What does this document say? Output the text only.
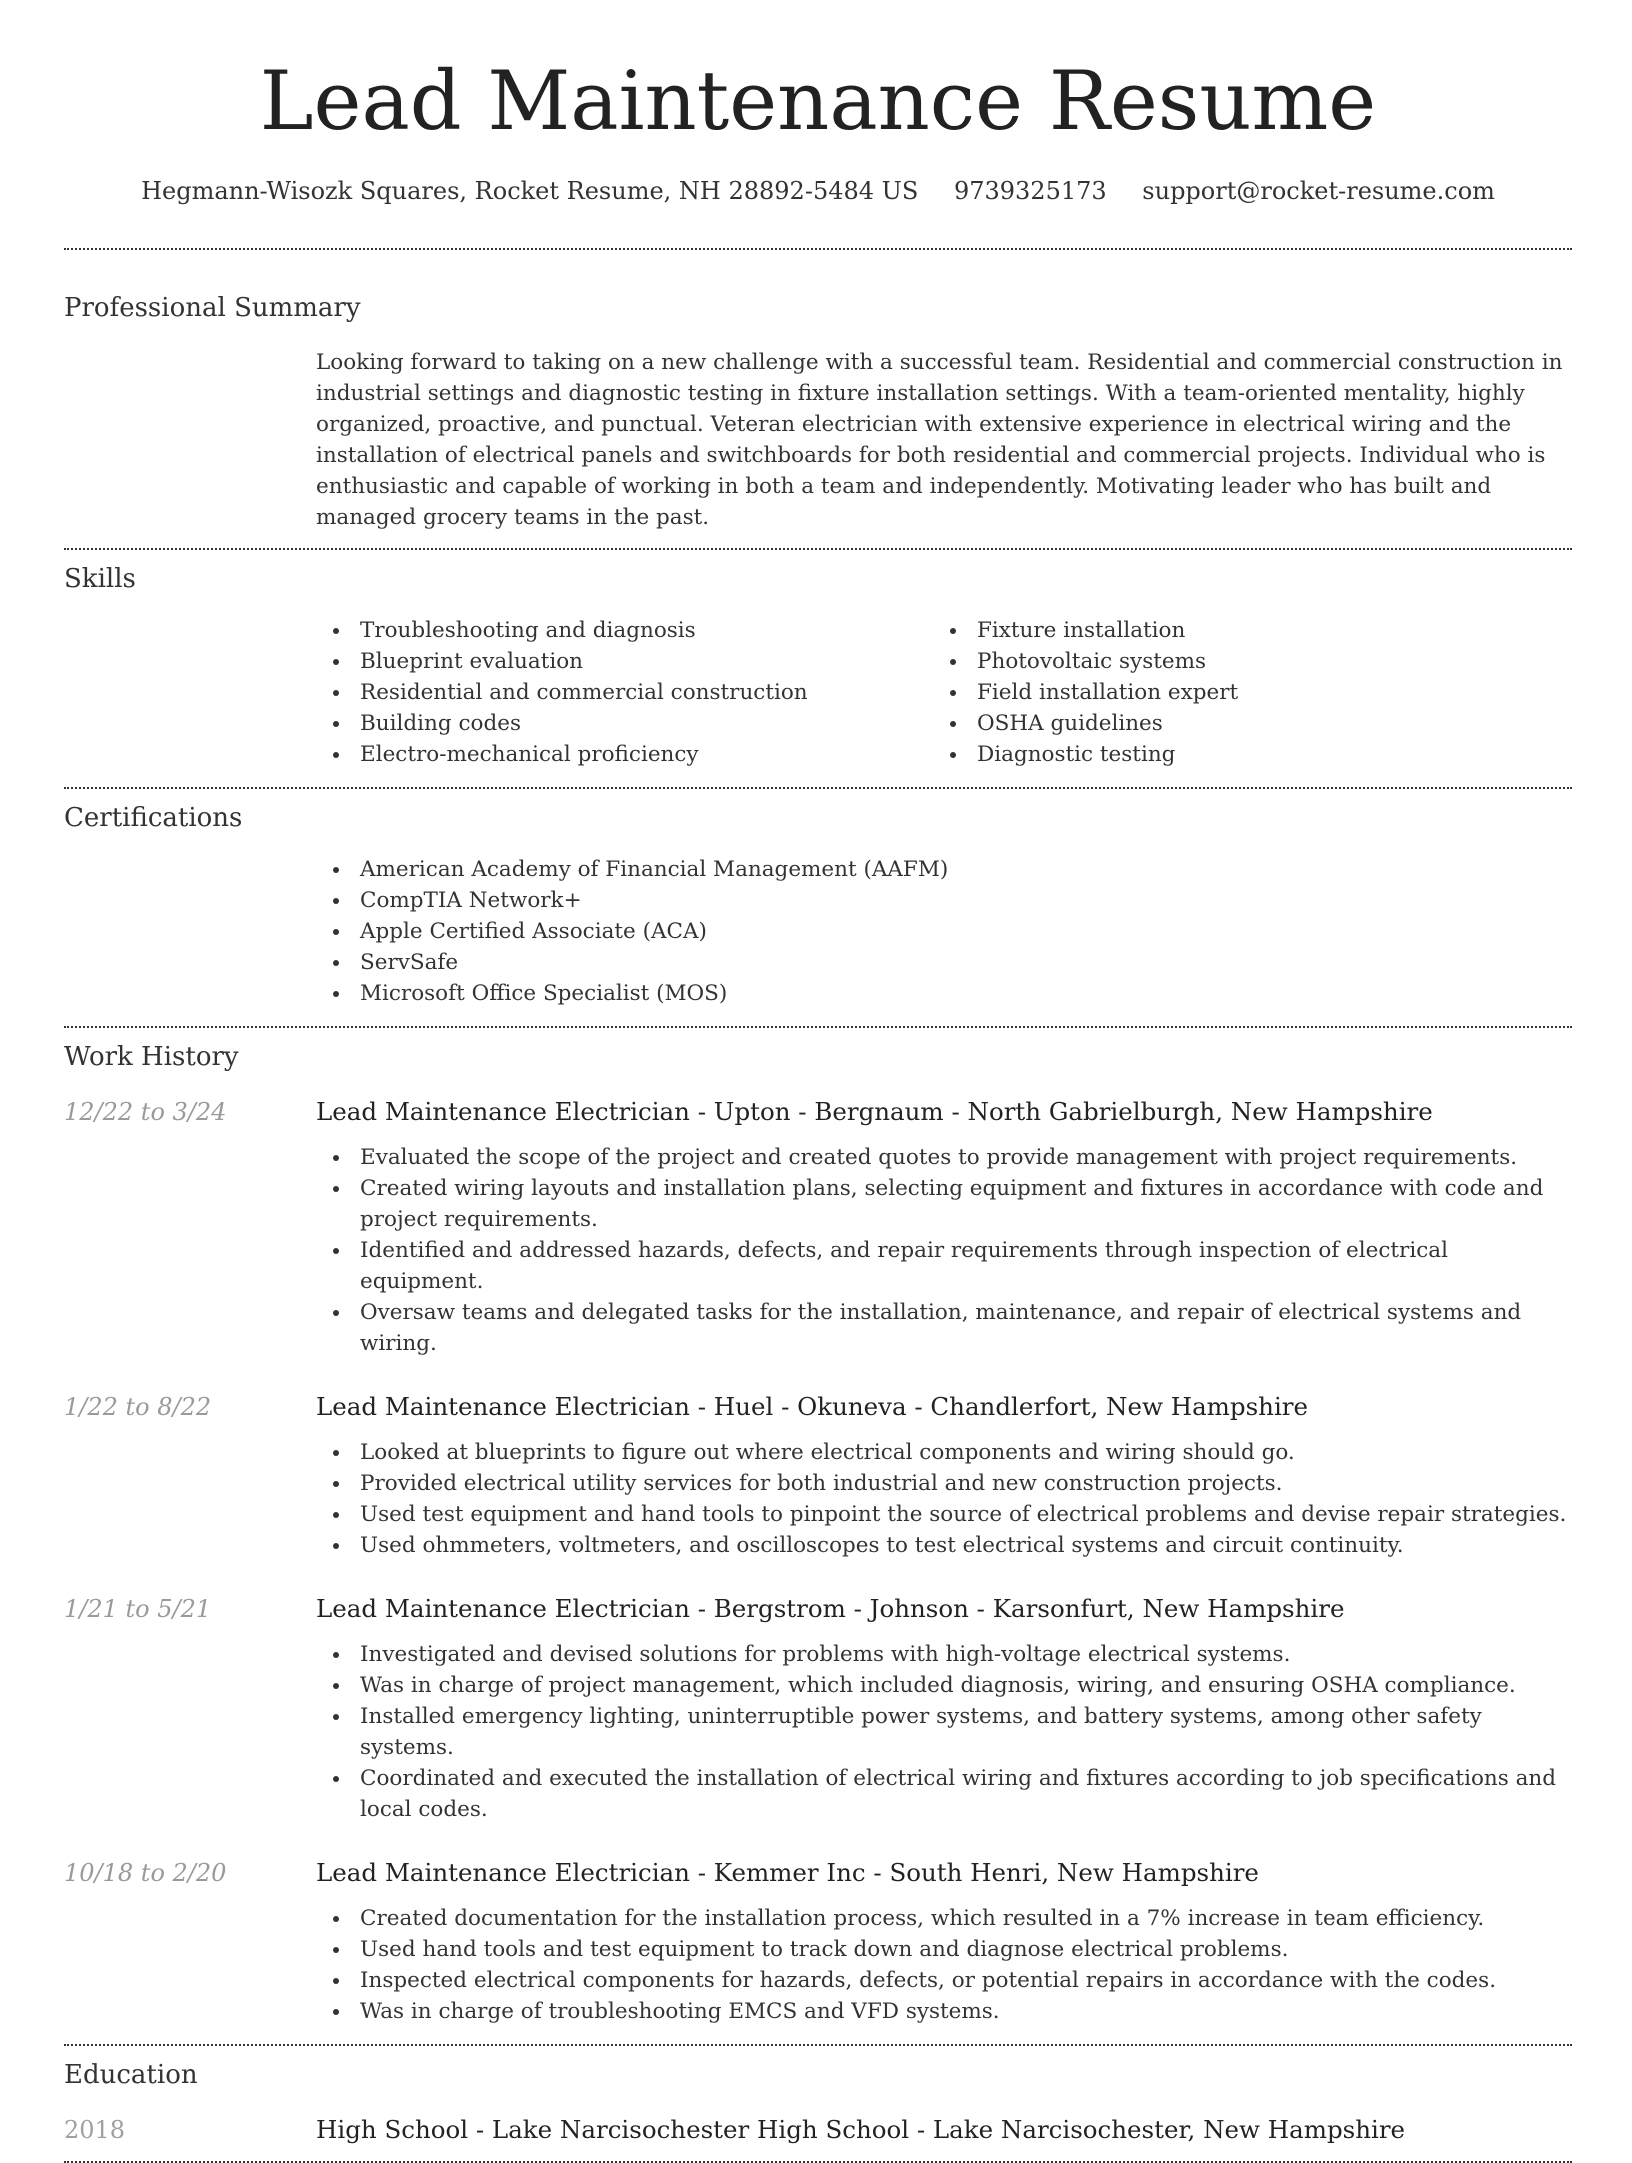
Lead Maintenance Resume
Hegmann-Wisozk Squares, Rocket Resume, NH 28892-5484 US 9739325173 support@rocket-resume.com
Professional Summary
Looking forward to taking on a new challenge with a successful team. Residential and commercial construction in industrial settings and diagnostic testing in fixture installation settings. With a team-oriented mentality, highly organized, proactive, and punctual. Veteran electrician with extensive experience in electrical wiring and the installation of electrical panels and switchboards for both residential and commercial projects. Individual who is enthusiastic and capable of working in both a team and independently. Motivating leader who has built and managed grocery teams in the past.
Skills
Troubleshooting and diagnosis
Blueprint evaluation
Residential and commercial construction
Building codes
Electro-mechanical proficiency
Fixture installation
Photovoltaic systems
Field installation expert
OSHA guidelines
Diagnostic testing
Certifications
American Academy of Financial Management (AAFM)
CompTIA Network+
Apple Certified Associate (ACA)
ServSafe
Microsoft Office Specialist (MOS)
Work History
12/22 to 3/24	Lead Maintenance Electrician - Upton - Bergnaum - North Gabrielburgh, New Hampshire
Evaluated the scope of the project and created quotes to provide management with project requirements.
Created wiring layouts and installation plans, selecting equipment and fixtures in accordance with code and project requirements.
Identified and addressed hazards, defects, and repair requirements through inspection of electrical equipment.
Oversaw teams and delegated tasks for the installation, maintenance, and repair of electrical systems and wiring.
1/22 to 8/22	Lead Maintenance Electrician - Huel - Okuneva - Chandlerfort, New Hampshire
Looked at blueprints to figure out where electrical components and wiring should go.
Provided electrical utility services for both industrial and new construction projects.
Used test equipment and hand tools to pinpoint the source of electrical problems and devise repair strategies.
Used ohmmeters, voltmeters, and oscilloscopes to test electrical systems and circuit continuity.
1/21 to 5/21	Lead Maintenance Electrician - Bergstrom - Johnson - Karsonfurt, New Hampshire
Investigated and devised solutions for problems with high-voltage electrical systems.
Was in charge of project management, which included diagnosis, wiring, and ensuring OSHA compliance.
Installed emergency lighting, uninterruptible power systems, and battery systems, among other safety systems.
Coordinated and executed the installation of electrical wiring and fixtures according to job specifications and local codes.
10/18 to 2/20	Lead Maintenance Electrician - Kemmer Inc - South Henri, New Hampshire
Created documentation for the installation process, which resulted in a 7% increase in team efficiency.
Used hand tools and test equipment to track down and diagnose electrical problems.
Inspected electrical components for hazards, defects, or potential repairs in accordance with the codes.
Was in charge of troubleshooting EMCS and VFD systems.
Education
2018	High School - Lake Narcisochester High School - Lake Narcisochester, New Hampshire
